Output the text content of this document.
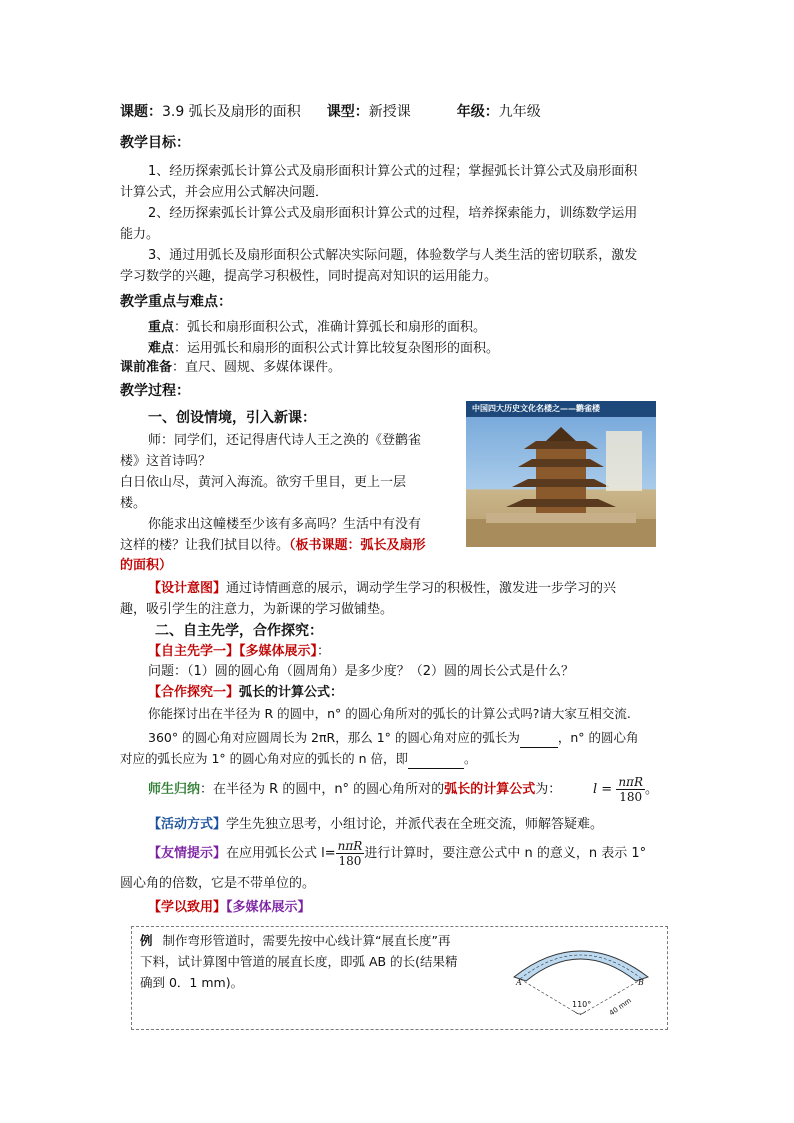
课题：3.9 弧长及扇形的面积 课型：新授课	年级：九年级
教学目标：
1、经历探索弧长计算公式及扇形面积计算公式的过程；掌握弧长计算公式及扇形面积
计算公式，并会应用公式解决问题．
2、经历探索弧长计算公式及扇形面积计算公式的过程，培养探索能力，训练数学运用
能力。
3、通过用弧长及扇形面积公式解决实际问题，体验数学与人类生活的密切联系，激发
学习数学的兴趣，提高学习积极性，同时提高对知识的运用能力。
教学重点与难点：
重点：弧长和扇形面积公式，准确计算弧长和扇形的面积。
难点：运用弧长和扇形的面积公式计算比较复杂图形的面积。
课前准备：直尺、圆规、多媒体课件。
教学过程：
一、创设情境，引入新课：
师：同学们，还记得唐代诗人王之涣的《登鹳雀
楼》这首诗吗？
白日依山尽，黄河入海流。欲穷千里目，更上一层
楼。
你能求出这幢楼至少该有多高吗？生活中有没有
这样的楼？让我们拭目以待。（板书课题：弧长及扇形
的面积）
中国四大历史文化名楼之——鹳雀楼
【设计意图】通过诗情画意的展示，调动学生学习的积极性，激发进一步学习的兴
趣，吸引学生的注意力，为新课的学习做铺垫。
二、自主先学，合作探究：
【自主先学一】【多媒体展示】：
问题：（1）圆的圆心角（圆周角）是多少度？（2）圆的周长公式是什么？
【合作探究一】弧长的计算公式：
你能探讨出在半径为 R 的圆中，n° 的圆心角所对的弧长的计算公式吗?请大家互相交流.
360° 的圆心角对应圆周长为 2πR，那么 1° 的圆心角对应的弧长为	，n° 的圆心角
对应的弧长应为 1° 的圆心角对应的弧长的 n 倍，即	。
师生归纳：在半径为 R 的圆中，n° 的圆心角所对的弧长的计算公式为： $l = \frac{\text{nπR}}{180}$ 。
【活动方式】学生先独立思考，小组讨论，并派代表在全班交流，师解答疑难。
【友情提示】在应用弧长公式 $l= \frac{\text{nπR}}{180}$ 进行计算时，要注意公式中 n 的意义，n 表示 1°
圆心角的倍数，它是不带单位的。
【学以致用】【多媒体展示】
例 制作弯形管道时，需要先按中心线计算“展直长度”再
下料，试计算图中管道的展直长度，即弧 AB 的长(结果精
确到 0．1 mm)。	A	B
110°	40 mm
